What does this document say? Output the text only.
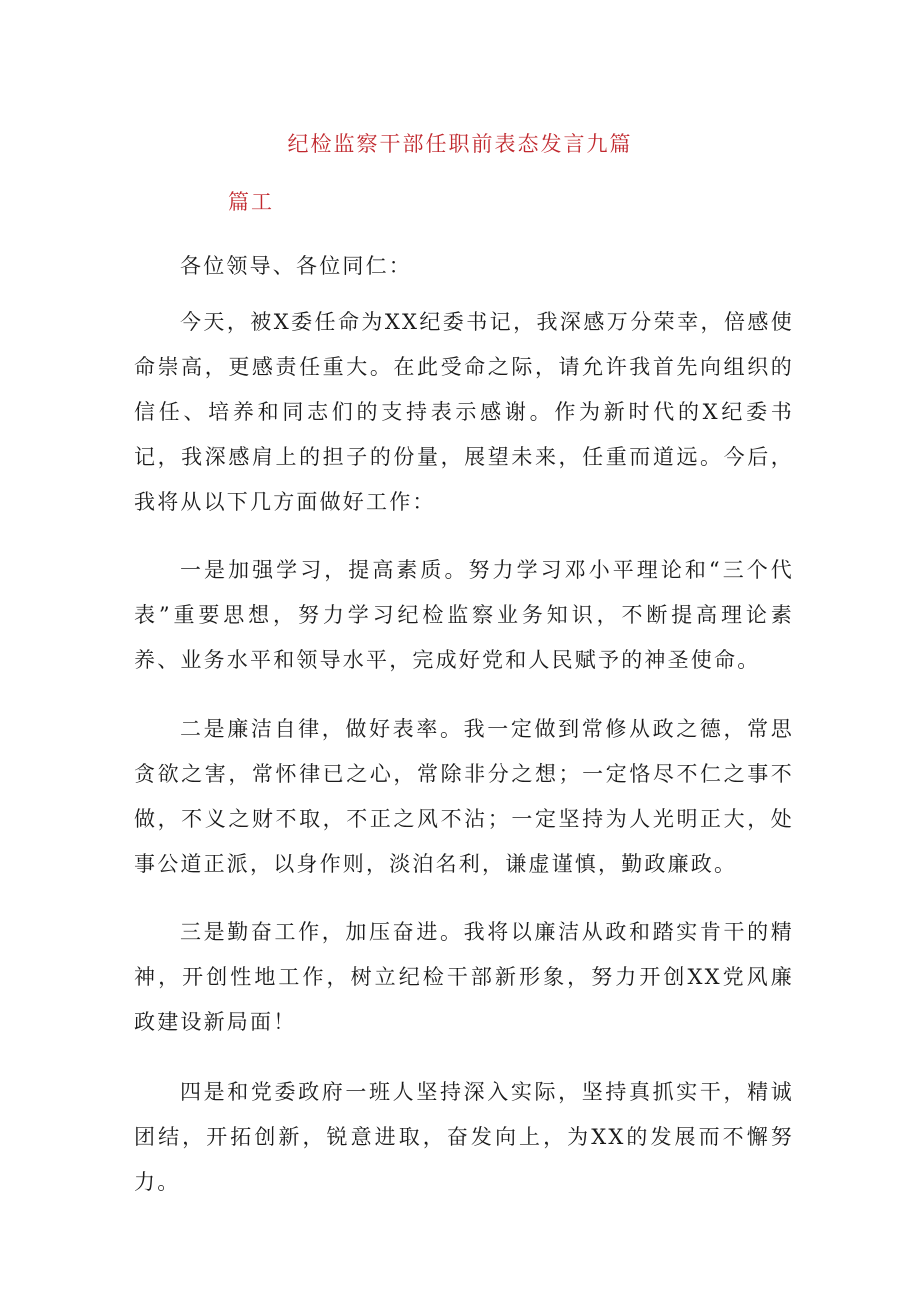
纪检监察干部任职前表态发言九篇
篇工

各位领导、各位同仁：

今天，被X委任命为XX纪委书记，我深感万分荣幸，倍感使命崇高，更感责任重大。在此受命之际，请允许我首先向组织的信任、培养和同志们的支持表示感谢。作为新时代的X纪委书记，我深感肩上的担子的份量，展望未来，任重而道远。今后，我将从以下几方面做好工作：

一是加强学习，提高素质。努力学习邓小平理论和“三个代表”重要思想，努力学习纪检监察业务知识，不断提高理论素养、业务水平和领导水平，完成好党和人民赋予的神圣使命。

二是廉洁自律，做好表率。我一定做到常修从政之德，常思贪欲之害，常怀律已之心，常除非分之想；一定恪尽不仁之事不做，不义之财不取，不正之风不沾；一定坚持为人光明正大，处事公道正派，以身作则，淡泊名利，谦虚谨慎，勤政廉政。

三是勤奋工作，加压奋进。我将以廉洁从政和踏实肯干的精神，开创性地工作，树立纪检干部新形象，努力开创XX党风廉政建设新局面！

四是和党委政府一班人坚持深入实际，坚持真抓实干，精诚团结，开拓创新，锐意进取，奋发向上，为XX的发展而不懈努力。
